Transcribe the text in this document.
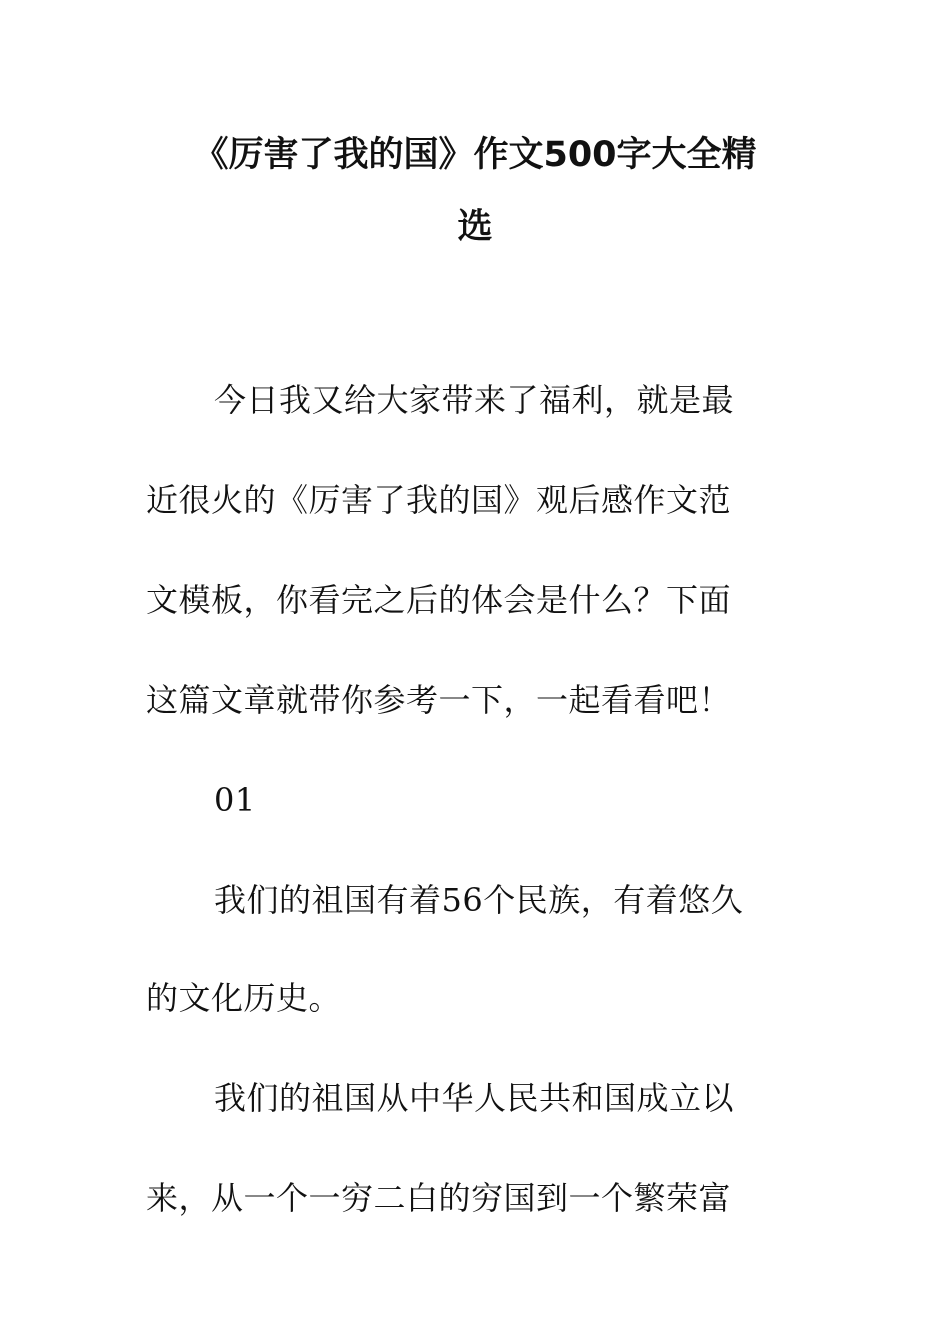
《厉害了我的国》作文500字大全精
选
今日我又给大家带来了福利，就是最
近很火的《厉害了我的国》观后感作文范
文模板，你看完之后的体会是什么？下面
这篇文章就带你参考一下，一起看看吧！
01
我们的祖国有着56个民族，有着悠久
的文化历史。
我们的祖国从中华人民共和国成立以
来，从一个一穷二白的穷国到一个繁荣富
